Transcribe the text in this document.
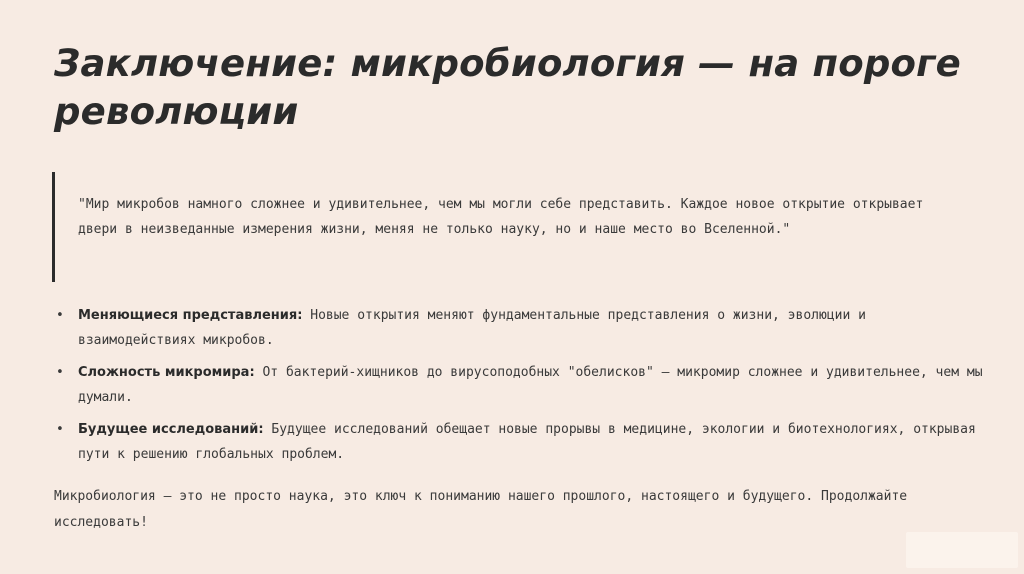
Заключение: микробиология — на пороге революции

"Мир микробов намного сложнее и удивительнее, чем мы могли себе представить. Каждое новое открытие открывает двери в неизведанные измерения жизни, меняя не только науку, но и наше место во Вселенной."

• Меняющиеся представления: Новые открытия меняют фундаментальные представления о жизни, эволюции и взаимодействиях микробов.
• Сложность микромира: От бактерий-хищников до вирусоподобных "обелисков" – микромир сложнее и удивительнее, чем мы думали.
• Будущее исследований: Будущее исследований обещает новые прорывы в медицине, экологии и биотехнологиях, открывая пути к решению глобальных проблем.

Микробиология – это не просто наука, это ключ к пониманию нашего прошлого, настоящего и будущего. Продолжайте исследовать!
